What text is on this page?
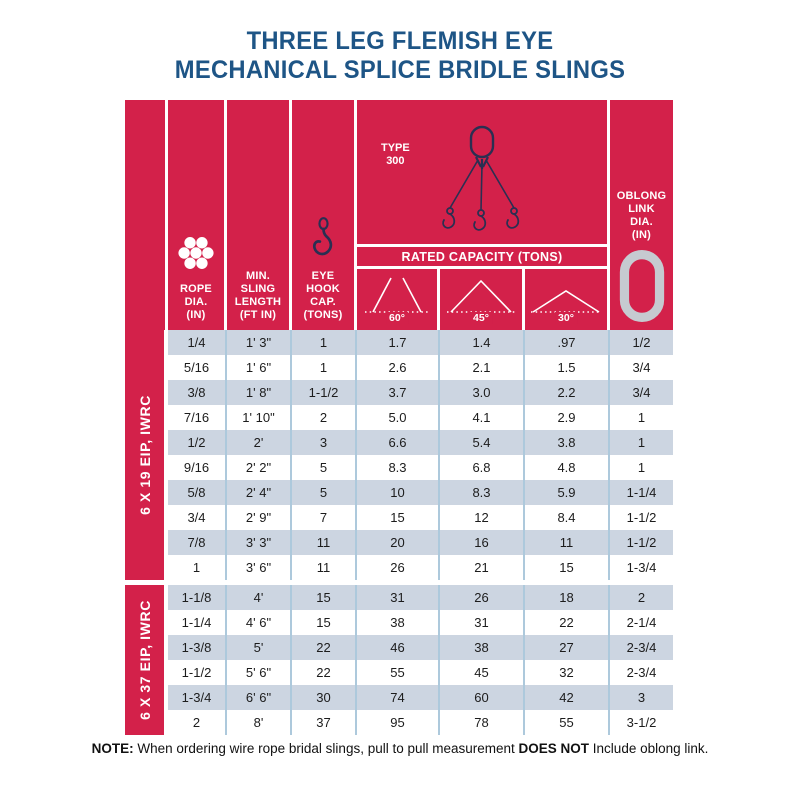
THREE LEG FLEMISH EYE
MECHANICAL SPLICE BRIDLE SLINGS
ROPE
DIA.
(IN)
MIN.
SLING
LENGTH
(FT IN)
EYE
HOOK
CAP.
(TONS)
TYPE
300
RATED CAPACITY (TONS)
60°	45°	30°
OBLONG
LINK
DIA.
(IN)
6 X 19 EIP, IWRC
1/4	1' 3"	1	1.7	1.4	.97	1/2
5/16	1' 6"	1	2.6	2.1	1.5	3/4
3/8	1' 8"	1-1/2	3.7	3.0	2.2	3/4
7/16	1' 10"	2	5.0	4.1	2.9	1
1/2	2'	3	6.6	5.4	3.8	1
9/16	2' 2"	5	8.3	6.8	4.8	1
5/8	2' 4"	5	10	8.3	5.9	1-1/4
3/4	2' 9"	7	15	12	8.4	1-1/2
7/8	3' 3"	11	20	16	11	1-1/2
1	3' 6"	11	26	21	15	1-3/4
6 X 37 EIP, IWRC
1-1/8	4'	15	31	26	18	2
1-1/4	4' 6"	15	38	31	22	2-1/4
1-3/8	5'	22	46	38	27	2-3/4
1-1/2	5' 6"	22	55	45	32	2-3/4
1-3/4	6' 6"	30	74	60	42	3
2	8'	37	95	78	55	3-1/2

NOTE: When ordering wire rope bridal slings, pull to pull measurement DOES NOT Include oblong link.
